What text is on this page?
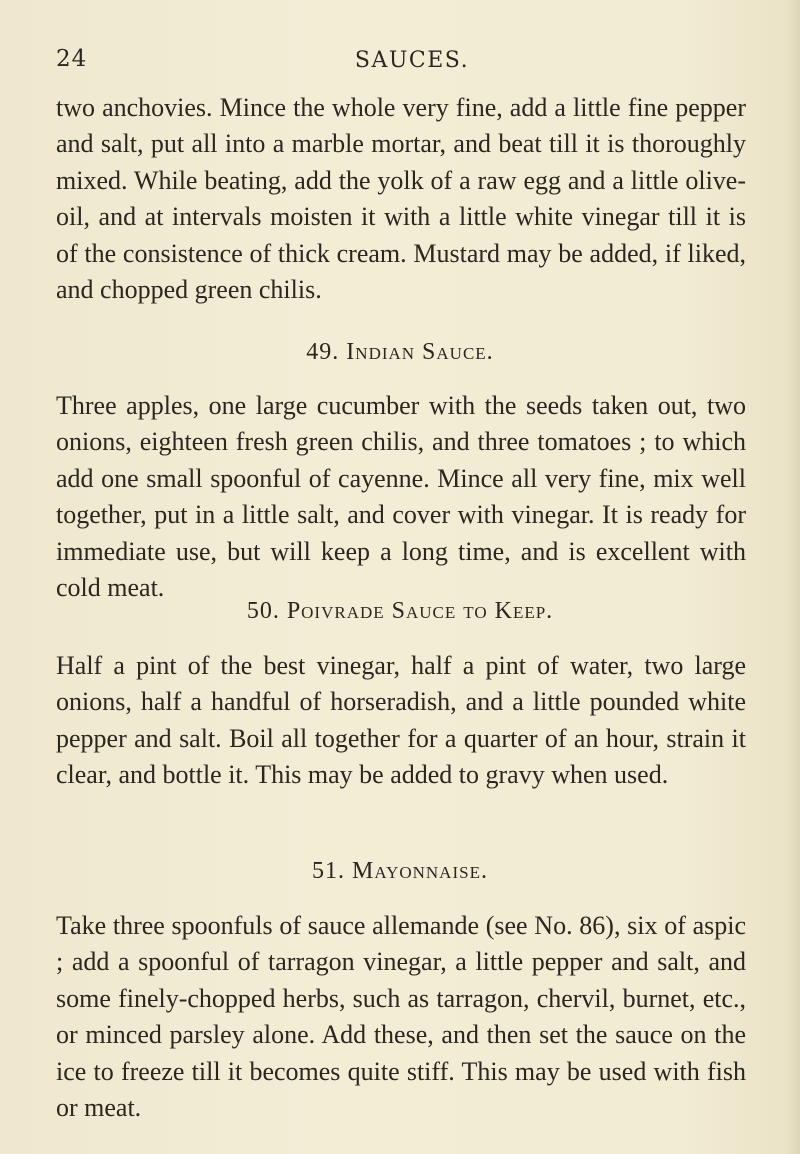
24	SAUCES.

two anchovies. Mince the whole very fine, add a little fine pepper and salt, put all into a marble mortar, and beat till it is thoroughly mixed. While beating, add the yolk of a raw egg and a little olive-oil, and at intervals moisten it with a little white vinegar till it is of the consistence of thick cream. Mustard may be added, if liked, and chopped green chilis.

49. Indian Sauce.

Three apples, one large cucumber with the seeds taken out, two onions, eighteen fresh green chilis, and three tomatoes ; to which add one small spoonful of cayenne. Mince all very fine, mix well together, put in a little salt, and cover with vinegar. It is ready for immediate use, but will keep a long time, and is excellent with cold meat.

50. Poivrade Sauce to Keep.

Half a pint of the best vinegar, half a pint of water, two large onions, half a handful of horseradish, and a little pounded white pepper and salt. Boil all together for a quarter of an hour, strain it clear, and bottle it. This may be added to gravy when used.

51. Mayonnaise.

Take three spoonfuls of sauce allemande (see No. 86), six of aspic ; add a spoonful of tarragon vinegar, a little pepper and salt, and some finely-chopped herbs, such as tarragon, chervil, burnet, etc., or minced parsley alone. Add these, and then set the sauce on the ice to freeze till it becomes quite stiff. This may be used with fish or meat.
